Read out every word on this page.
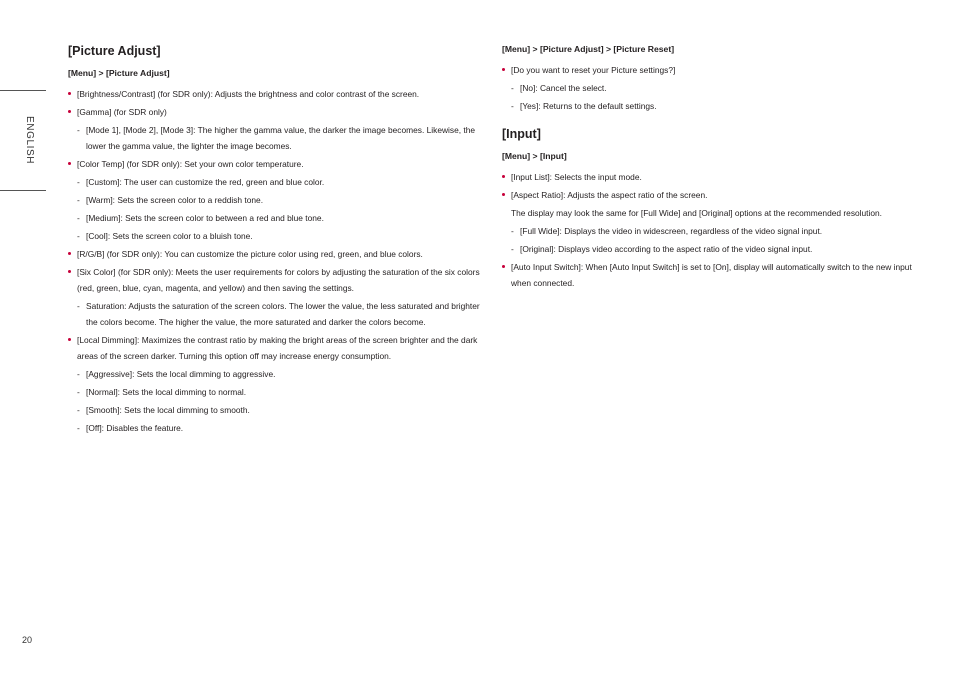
ENGLISH
20
[Picture Adjust]
[Menu] > [Picture Adjust]
[Brightness/Contrast] (for SDR only): Adjusts the brightness and color contrast of the screen.
[Gamma] (for SDR only)
- [Mode 1], [Mode 2], [Mode 3]: The higher the gamma value, the darker the image becomes. Likewise, the lower the gamma value, the lighter the image becomes.
[Color Temp] (for SDR only): Set your own color temperature.
- [Custom]: The user can customize the red, green and blue color.
- [Warm]: Sets the screen color to a reddish tone.
- [Medium]: Sets the screen color to between a red and blue tone.
- [Cool]: Sets the screen color to a bluish tone.
[R/G/B] (for SDR only): You can customize the picture color using red, green, and blue colors.
[Six Color] (for SDR only): Meets the user requirements for colors by adjusting the saturation of the six colors (red, green, blue, cyan, magenta, and yellow) and then saving the settings.
- Saturation: Adjusts the saturation of the screen colors. The lower the value, the less saturated and brighter the colors become. The higher the value, the more saturated and darker the colors become.
[Local Dimming]: Maximizes the contrast ratio by making the bright areas of the screen brighter and the dark areas of the screen darker. Turning this option off may increase energy consumption.
- [Aggressive]: Sets the local dimming to aggressive.
- [Normal]: Sets the local dimming to normal.
- [Smooth]: Sets the local dimming to smooth.
- [Off]: Disables the feature.
[Menu] > [Picture Adjust] > [Picture Reset]
[Do you want to reset your Picture settings?]
- [No]: Cancel the select.
- [Yes]: Returns to the default settings.
[Input]
[Menu] > [Input]
[Input List]: Selects the input mode.
[Aspect Ratio]: Adjusts the aspect ratio of the screen.
The display may look the same for [Full Wide] and [Original] options at the recommended resolution.
- [Full Wide]: Displays the video in widescreen, regardless of the video signal input.
- [Original]: Displays video according to the aspect ratio of the video signal input.
[Auto Input Switch]: When [Auto Input Switch] is set to [On], display will automatically switch to the new input when connected.
